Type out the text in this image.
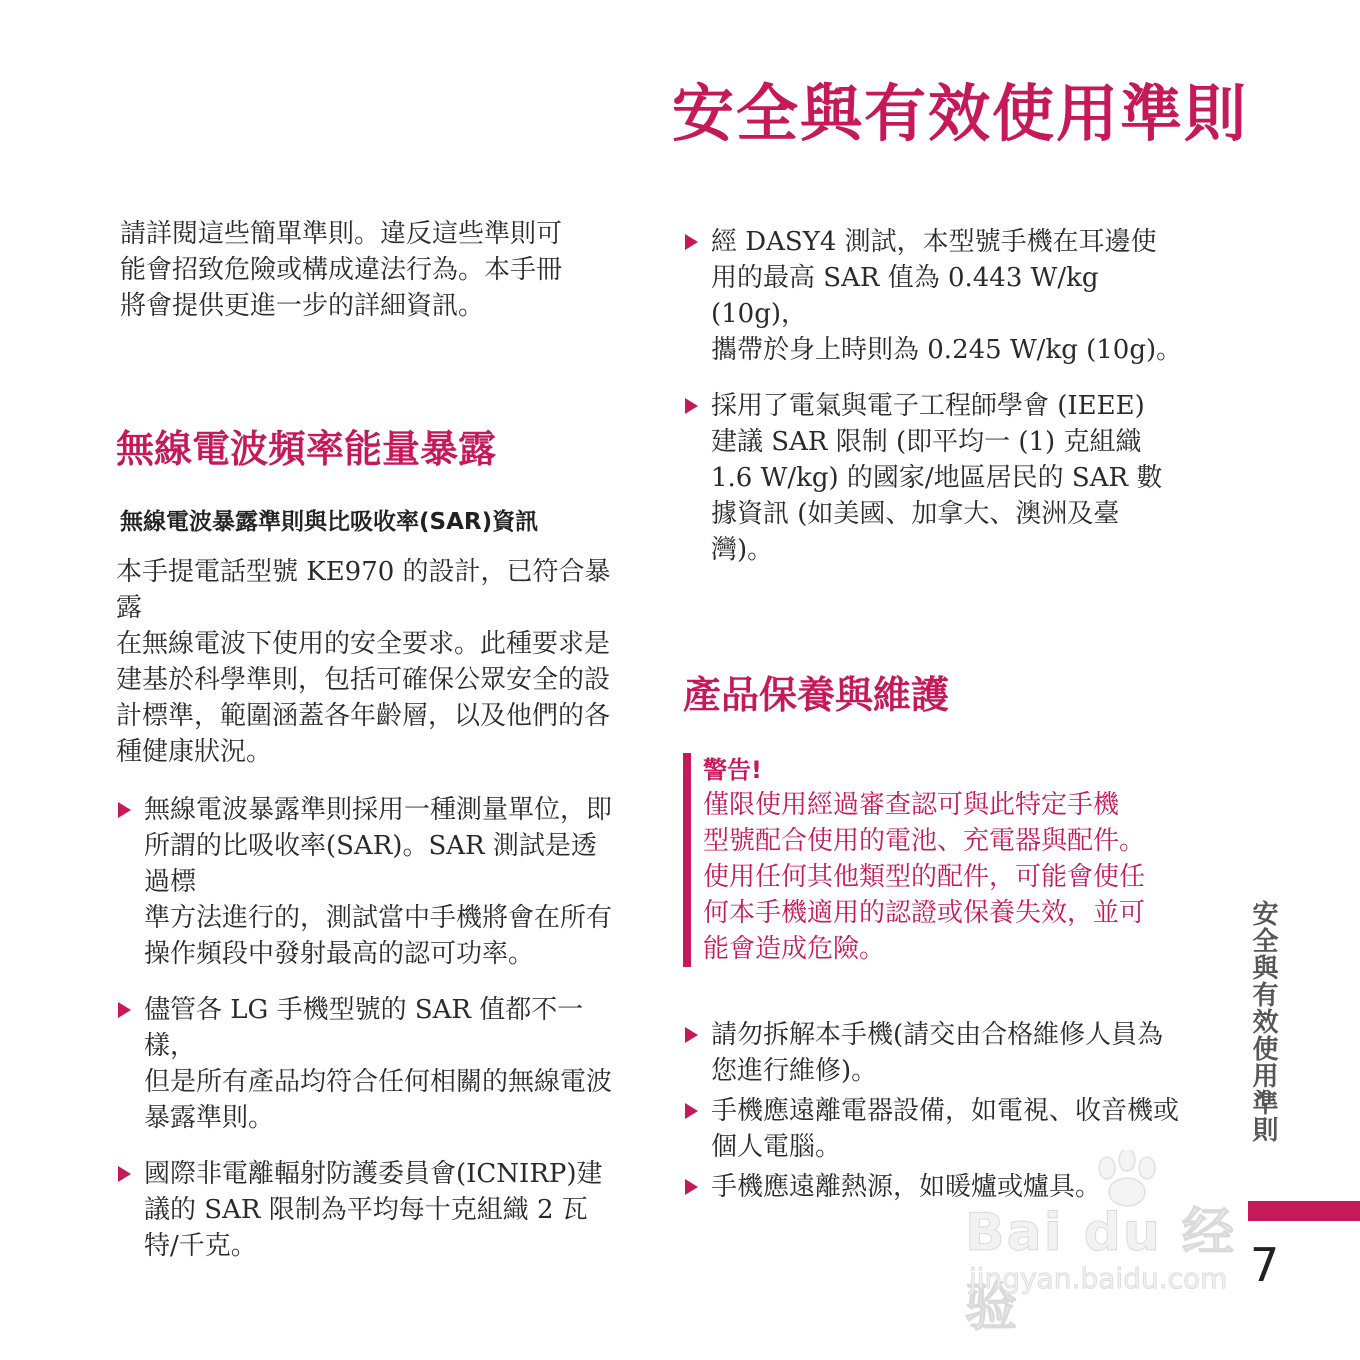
安全與有效使用準則

請詳閱這些簡單準則。違反這些準則可
能會招致危險或構成違法行為。本手冊
將會提供更進一步的詳細資訊。

無線電波頻率能量暴露
無線電波暴露準則與比吸收率(SAR)資訊

本手提電話型號 KE970 的設計，已符合暴露
在無線電波下使用的安全要求。此種要求是
建基於科學準則，包括可確保公眾安全的設
計標準，範圍涵蓋各年齡層，以及他們的各
種健康狀況。

無線電波暴露準則採用一種測量單位，即
所謂的比吸收率(SAR)。SAR 測試是透過標
準方法進行的，測試當中手機將會在所有
操作頻段中發射最高的認可功率。
儘管各 LG 手機型號的 SAR 值都不一樣，
但是所有產品均符合任何相關的無線電波
暴露準則。
國際非電離輻射防護委員會(ICNIRP)建
議的 SAR 限制為平均每十克組織 2 瓦
特/千克。
經 DASY4 測試，本型號手機在耳邊使
用的最高 SAR 值為 0.443 W/kg (10g)，
攜帶於身上時則為 0.245 W/kg (10g)。
採用了電氣與電子工程師學會 (IEEE)
建議 SAR 限制 (即平均一 (1) 克組織
1.6 W/kg) 的國家/地區居民的 SAR 數
據資訊 (如美國、加拿大、澳洲及臺
灣)。
產品保養與維護
警告!

僅限使用經過審查認可與此特定手機
型號配合使用的電池、充電器與配件。
使用任何其他類型的配件，可能會使任
何本手機適用的認證或保養失效，並可
能會造成危險。

請勿拆解本手機(請交由合格維修人員為
您進行維修)。
手機應遠離電器設備，如電視、收音機或
個人電腦。
手機應遠離熱源，如暖爐或爐具。
安全與有效使用準則
Bai du 经验
jingyan.baidu.com 7
